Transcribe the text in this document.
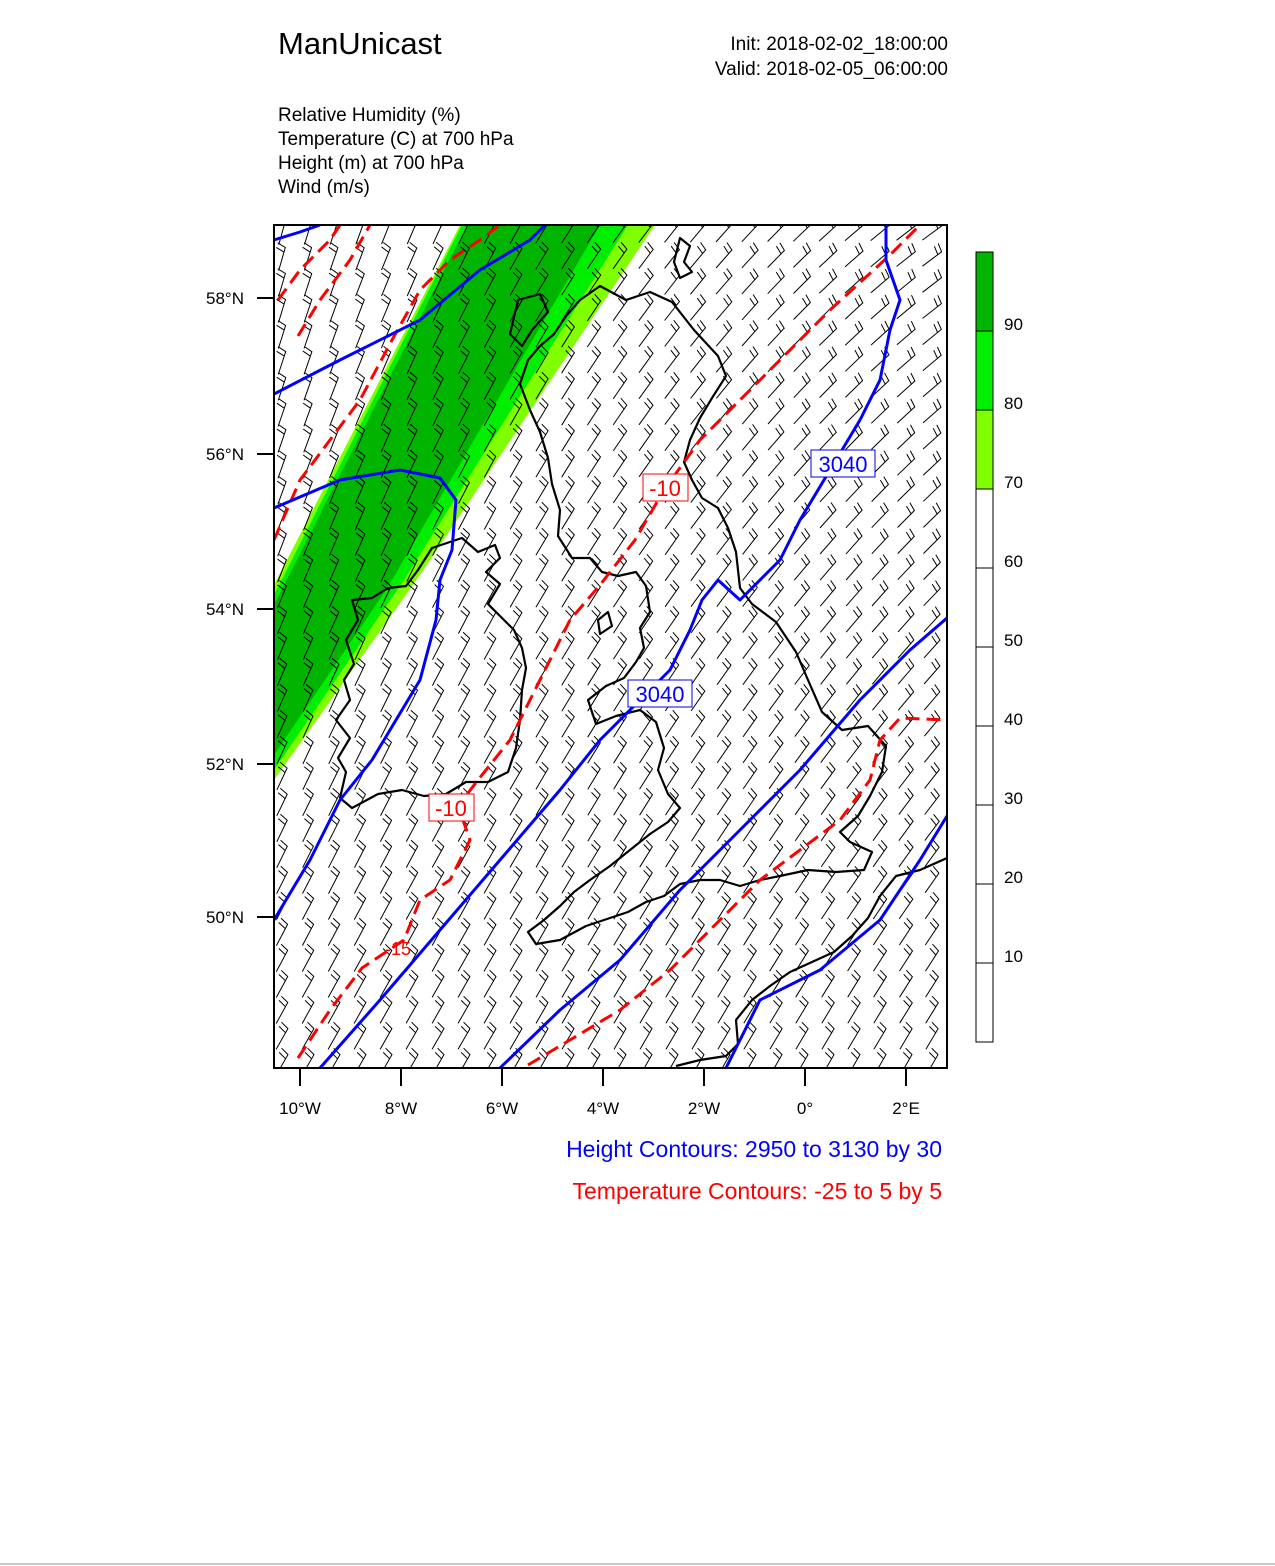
ManUnicast	Init: 2018-02-02_18:00:00
Valid: 2018-02-05_06:00:00
Relative Humidity (%)
Temperature (C) at 700 hPa
Height (m) at 700 hPa
Wind (m/s)
3040
3040
-10
-10
-15
58°N
56°N
54°N
52°N
50°N
10°W	8°W	6°W	4°W	2°W	0°	2°E
90
80
70
60
50
40
30
20
10
Height Contours: 2950 to 3130 by 30
Temperature Contours: -25 to 5 by 5
